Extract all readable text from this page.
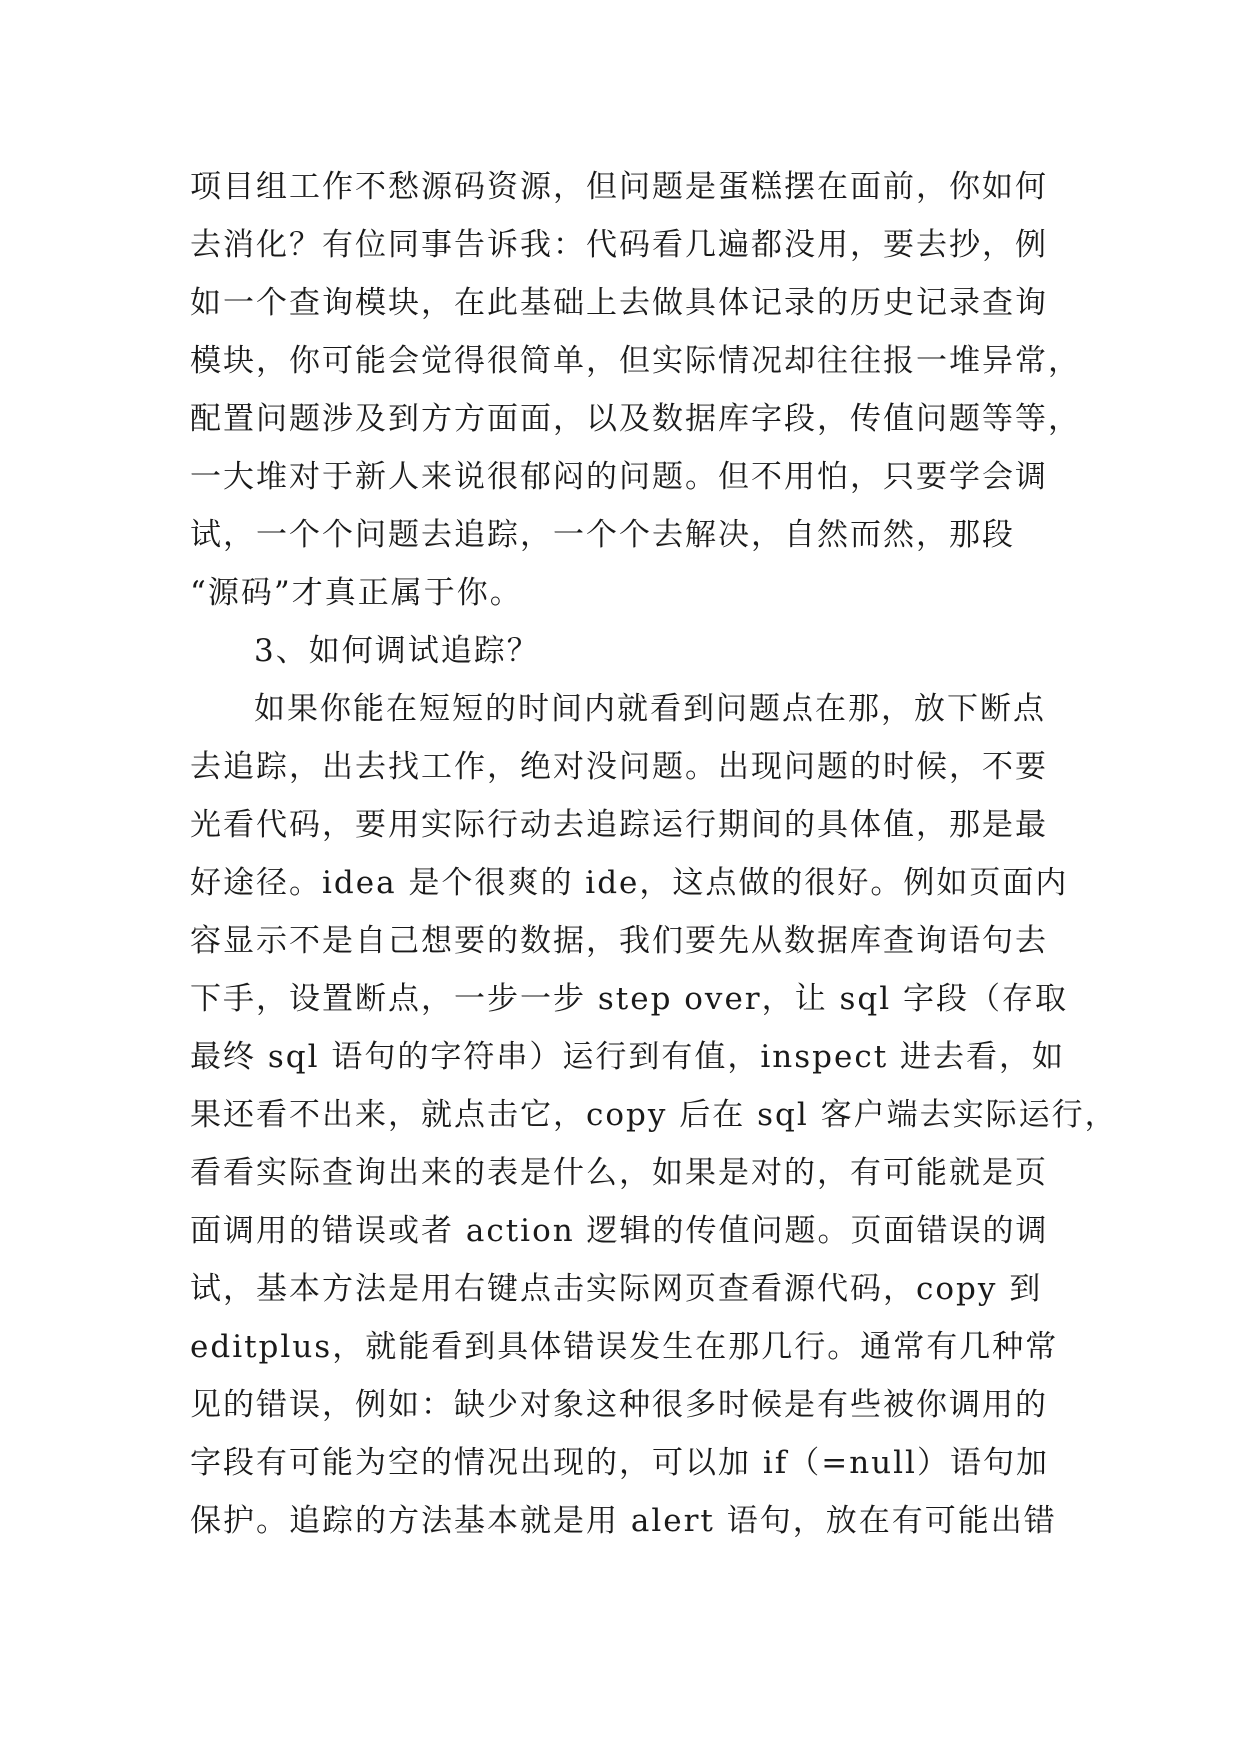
项目组工作不愁源码资源，但问题是蛋糕摆在面前，你如何
去消化？有位同事告诉我：代码看几遍都没用，要去抄，例
如一个查询模块，在此基础上去做具体记录的历史记录查询
模块，你可能会觉得很简单，但实际情况却往往报一堆异常，
配置问题涉及到方方面面，以及数据库字段，传值问题等等，
一大堆对于新人来说很郁闷的问题。但不用怕，只要学会调
试，一个个问题去追踪，一个个去解决，自然而然，那段
“源码”才真正属于你。
3、如何调试追踪？
如果你能在短短的时间内就看到问题点在那，放下断点
去追踪，出去找工作，绝对没问题。出现问题的时候，不要
光看代码，要用实际行动去追踪运行期间的具体值，那是最
好途径。idea 是个很爽的 ide，这点做的很好。例如页面内
容显示不是自己想要的数据，我们要先从数据库查询语句去
下手，设置断点，一步一步 step over，让 sql 字段（存取
最终 sql 语句的字符串）运行到有值，inspect 进去看，如
果还看不出来，就点击它，copy 后在 sql 客户端去实际运行，
看看实际查询出来的表是什么，如果是对的，有可能就是页
面调用的错误或者 action 逻辑的传值问题。页面错误的调
试，基本方法是用右键点击实际网页查看源代码，copy 到
editplus，就能看到具体错误发生在那几行。通常有几种常
见的错误，例如：缺少对象这种很多时候是有些被你调用的
字段有可能为空的情况出现的，可以加 if（=null）语句加
保护。追踪的方法基本就是用 alert 语句，放在有可能出错
